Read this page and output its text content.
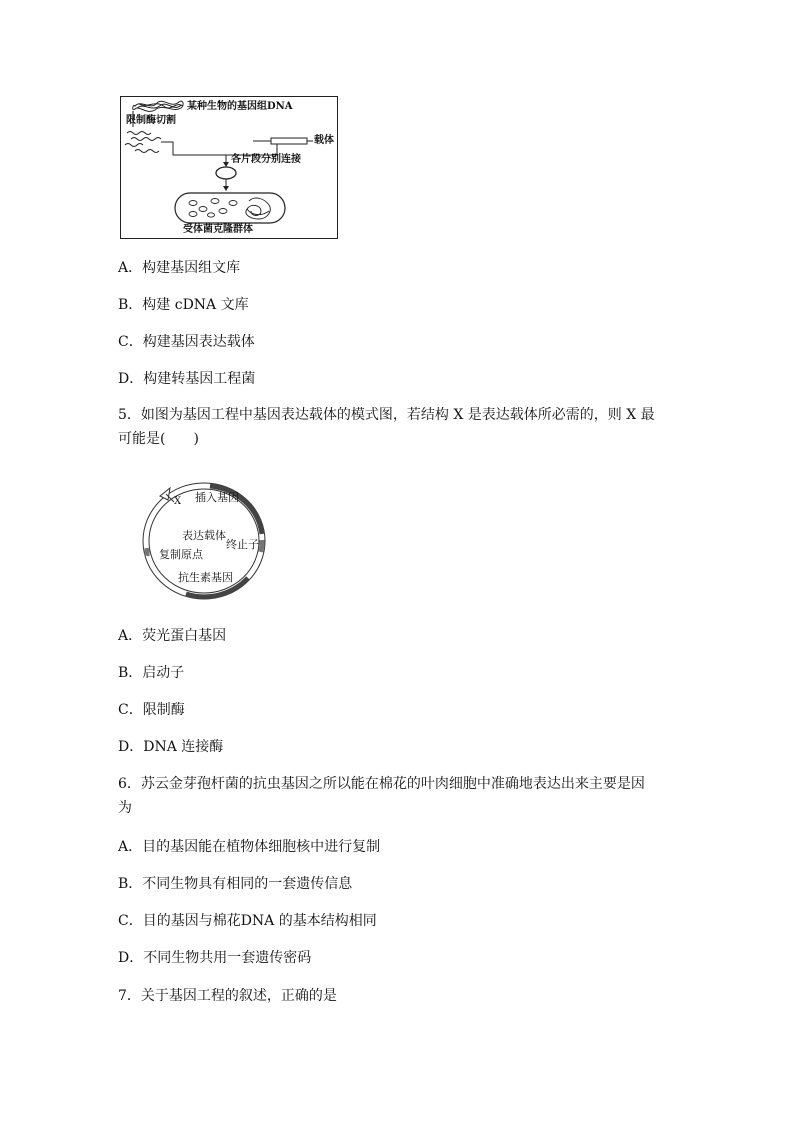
某种生物的基因组DNA
限制酶切割
载体
各片段分别连接
受体菌克隆群体
A．构建基因组文库
B．构建 cDNA 文库
C．构建基因表达载体
D．构建转基因工程菌
5．如图为基因工程中基因表达载体的模式图，若结构 X 是表达载体所必需的，则 X 最
可能是(　　)
X 插入基因
表达载体
终止子
复制原点
抗生素基因
A．荧光蛋白基因
B．启动子
C．限制酶
D．DNA 连接酶
6．苏云金芽孢杆菌的抗虫基因之所以能在棉花的叶肉细胞中准确地表达出来主要是因
为
A．目的基因能在植物体细胞核中进行复制
B．不同生物具有相同的一套遗传信息
C．目的基因与棉花DNA 的基本结构相同
D．不同生物共用一套遗传密码
7．关于基因工程的叙述，正确的是
